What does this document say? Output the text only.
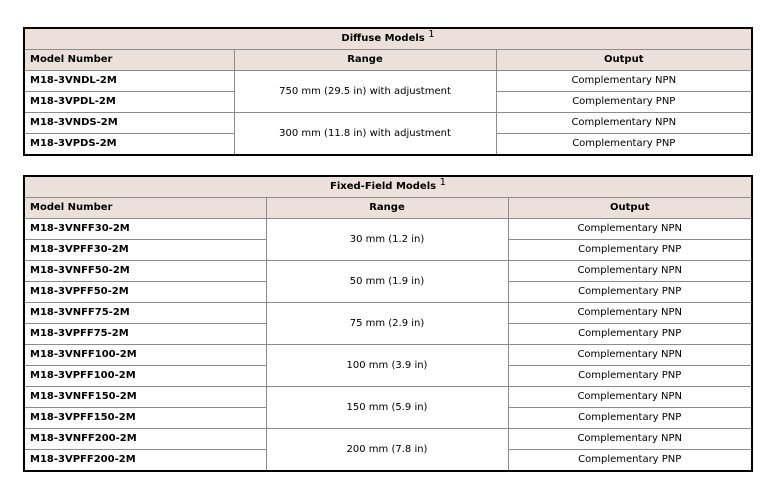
Diffuse Models $^1$
Model Number	Range	Output
M18-3VNDL-2M	750 mm (29.5 in) with adjustment	Complementary NPN
M18-3VPDL-2M		Complementary PNP
M18-3VNDS-2M	300 mm (11.8 in) with adjustment	Complementary NPN
M18-3VPDS-2M		Complementary PNP
Fixed-Field Models $^1$
Model Number	Range	Output
M18-3VNFF30-2M	30 mm (1.2 in)	Complementary NPN
M18-3VPFF30-2M		Complementary PNP
M18-3VNFF50-2M	50 mm (1.9 in)	Complementary NPN
M18-3VPFF50-2M		Complementary PNP
M18-3VNFF75-2M	75 mm (2.9 in)	Complementary NPN
M18-3VPFF75-2M		Complementary PNP
M18-3VNFF100-2M	100 mm (3.9 in)	Complementary NPN
M18-3VPFF100-2M		Complementary PNP
M18-3VNFF150-2M	150 mm (5.9 in)	Complementary NPN
M18-3VPFF150-2M		Complementary PNP
M18-3VNFF200-2M	200 mm (7.8 in)	Complementary NPN
M18-3VPFF200-2M		Complementary PNP
